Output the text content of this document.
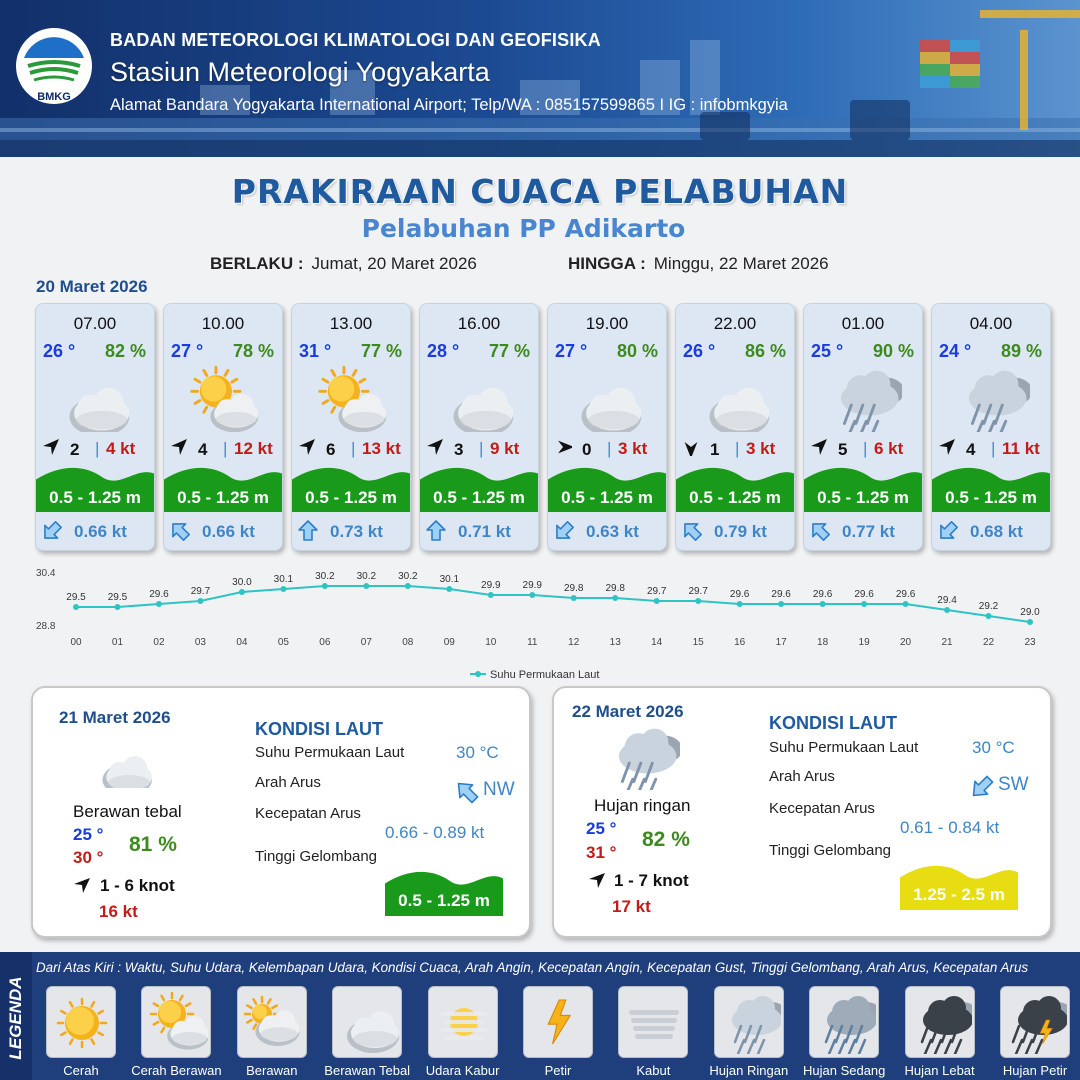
BMKG
BADAN METEOROLOGI KLIMATOLOGI DAN GEOFISIKA
Stasiun Meteorologi Yogyakarta
Alamat Bandara Yogyakarta International Airport; Telp/WA : 085157599865 I IG : infobmkgyia
PRAKIRAAN CUACA PELABUHAN
Pelabuhan PP Adikarto
BERLAKU : Jumat, 20 Maret 2026	HINGGA : Minggu, 22 Maret 2026
20 Maret 2026
07.00
26 ° 82 %
2 | 4 kt
0.5 - 1.25 m
0.66 kt
10.00
27 ° 78 %
4 | 12 kt
0.5 - 1.25 m
0.66 kt
13.00
31 ° 77 %
6 | 13 kt
0.5 - 1.25 m
0.73 kt
16.00
28 ° 77 %
3 | 9 kt
0.5 - 1.25 m
0.71 kt
19.00
27 ° 80 %
0 | 3 kt
0.5 - 1.25 m
0.63 kt
22.00
26 ° 86 %
1 | 3 kt
0.5 - 1.25 m
0.79 kt
01.00
25 ° 90 %
5 | 6 kt
0.5 - 1.25 m
0.77 kt
04.00
24 ° 89 %
4 | 11 kt
0.5 - 1.25 m
0.68 kt
30.4
28.8
29.5
00
29.5
01
29.6
02
29.7
03
30.0
04
30.1
05
30.2
06
30.2
07
30.2
08
30.1
09
29.9
10
29.9
11
29.8
12
29.8
13
29.7
14
29.7
15
29.6
16
29.6
17
29.6
18
29.6
19
29.6
20
29.4
21
29.2
22
29.0
23
Suhu Permukaan Laut
21 Maret 2026
Berawan tebal
25 °
30 °
81 %
1 - 6 knot
16 kt
KONDISI LAUT
Suhu Permukaan Laut	30 °C
Arah Arus	NW
Kecepatan Arus
0.66 - 0.89 kt
Tinggi Gelombang
0.5 - 1.25 m
22 Maret 2026
Hujan ringan
25 °
31 °
82 %
1 - 7 knot
17 kt
KONDISI LAUT
Suhu Permukaan Laut	30 °C
Arah Arus	SW
Kecepatan Arus
0.61 - 0.84 kt
Tinggi Gelombang
1.25 - 2.5 m
LEGENDA
Dari Atas Kiri : Waktu, Suhu Udara, Kelembapan Udara, Kondisi Cuaca, Arah Angin, Kecepatan Angin, Kecepatan Gust, Tinggi Gelombang, Arah Arus, Kecepatan Arus
Cerah	Cerah Berawan	Berawan	Berawan Tebal	Udara Kabur	Petir	Kabut	Hujan Ringan	Hujan Sedang	Hujan Lebat	Hujan Petir
